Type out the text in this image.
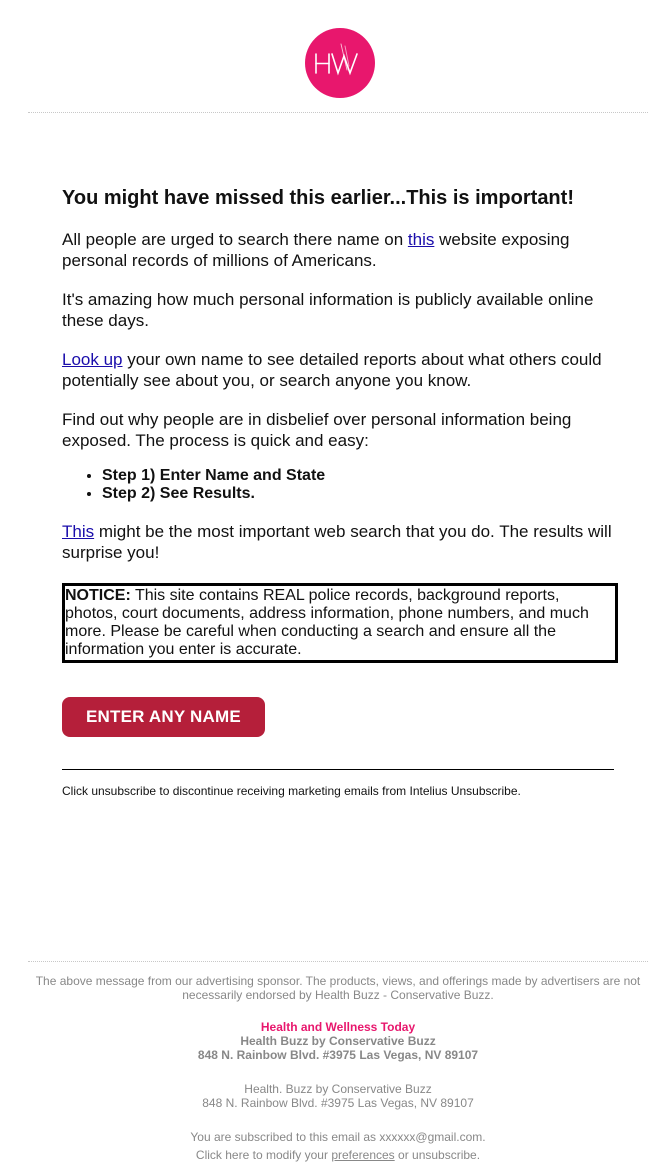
You might have missed this earlier...This is important!

All people are urged to search there name on this website exposing personal records of millions of Americans.

It's amazing how much personal information is publicly available online these days.

Look up your own name to see detailed reports about what others could potentially see about you, or search anyone you know.

Find out why people are in disbelief over personal information being exposed. The process is quick and easy:

• Step 1) Enter Name and State
• Step 2) See Results.

This might be the most important web search that you do. The results will surprise you!

NOTICE: This site contains REAL police records, background reports, photos, court documents, address information, phone numbers, and much more. Please be careful when conducting a search and ensure all the information you enter is accurate.
ENTER ANY NAME
Click unsubscribe to discontinue receiving marketing emails from Intelius Unsubscribe.

The above message from our advertising sponsor. The products, views, and offerings made by advertisers are not necessarily endorsed by Health Buzz - Conservative Buzz.

Health and Wellness Today

Health Buzz by Conservative Buzz

848 N. Rainbow Blvd. #3975 Las Vegas, NV 89107

Health. Buzz by Conservative Buzz

848 N. Rainbow Blvd. #3975 Las Vegas, NV 89107

You are subscribed to this email as xxxxxx@gmail.com.

Click here to modify your preferences or unsubscribe.
